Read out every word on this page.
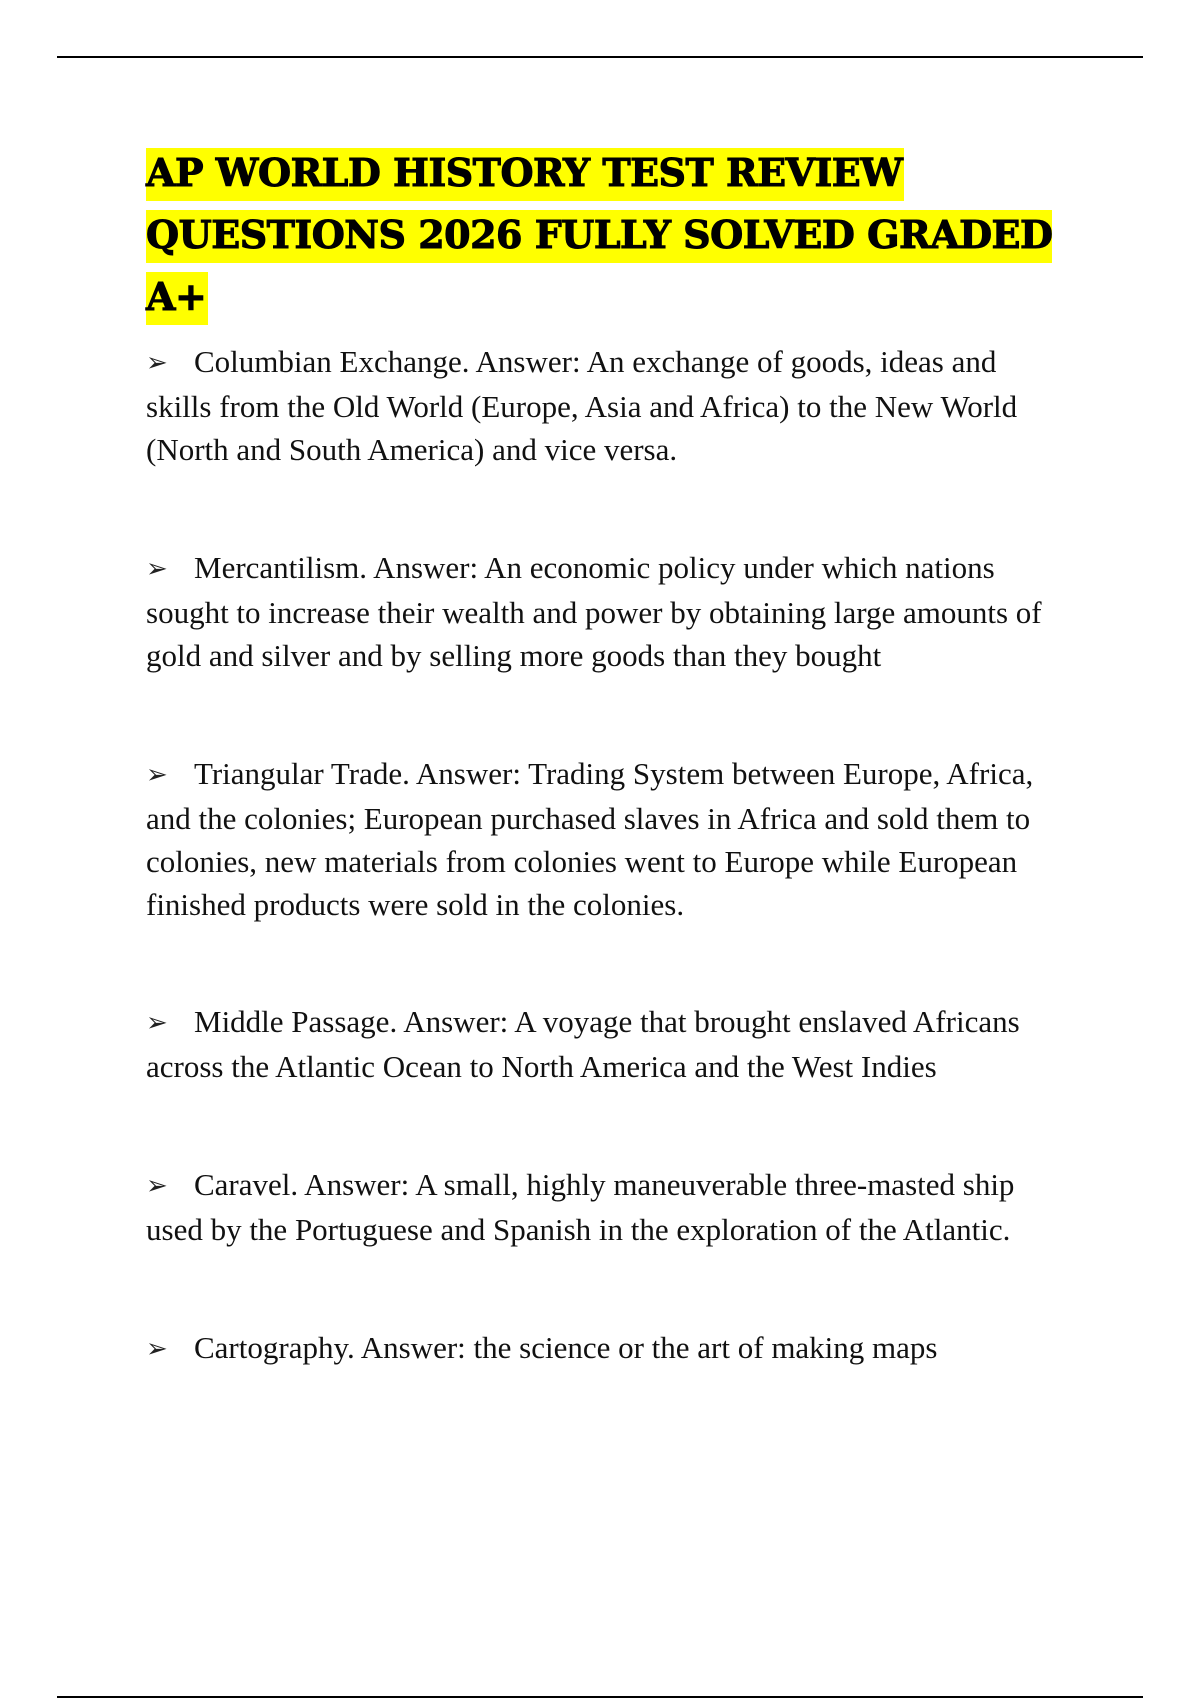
AP WORLD HISTORY TEST REVIEW
QUESTIONS 2026 FULLY SOLVED GRADED A+
➢ Columbian Exchange. Answer: An exchange of goods, ideas and skills from the Old World (Europe, Asia and Africa) to the New World (North and South America) and vice versa.
➢ Mercantilism. Answer: An economic policy under which nations sought to increase their wealth and power by obtaining large amounts of gold and silver and by selling more goods than they bought
➢ Triangular Trade. Answer: Trading System between Europe, Africa, and the colonies; European purchased slaves in Africa and sold them to colonies, new materials from colonies went to Europe while European finished products were sold in the colonies.
➢ Middle Passage. Answer: A voyage that brought enslaved Africans across the Atlantic Ocean to North America and the West Indies
➢ Caravel. Answer: A small, highly maneuverable three-masted ship used by the Portuguese and Spanish in the exploration of the Atlantic.
➢ Cartography. Answer: the science or the art of making maps
